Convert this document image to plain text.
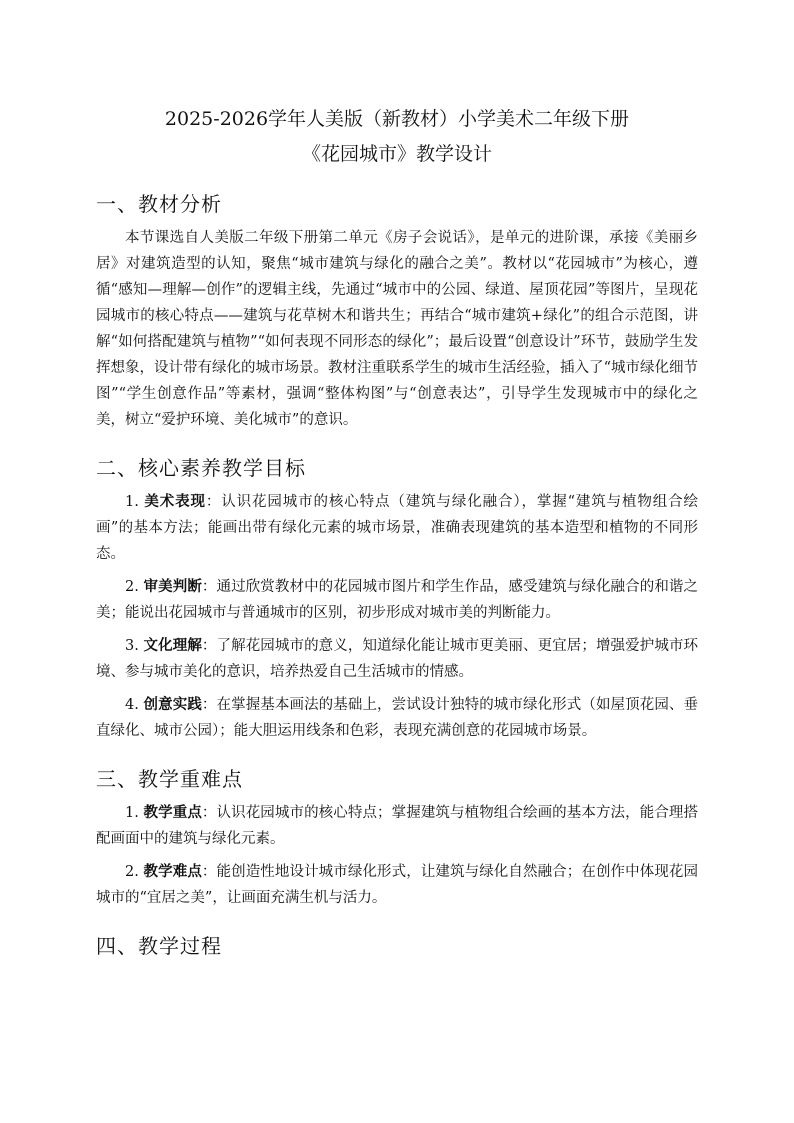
2025-2026学年人美版（新教材）小学美术二年级下册

《花园城市》教学设计

一、教材分析

本节课选自人美版二年级下册第二单元《房子会说话》，是单元的进阶课，承接《美丽乡居》对建筑造型的认知，聚焦“城市建筑与绿化的融合之美”。教材以“花园城市”为核心，遵循“感知—理解—创作”的逻辑主线，先通过“城市中的公园、绿道、屋顶花园”等图片，呈现花园城市的核心特点——建筑与花草树木和谐共生；再结合“城市建筑+绿化”的组合示范图，讲解“如何搭配建筑与植物”“如何表现不同形态的绿化”；最后设置“创意设计”环节，鼓励学生发挥想象，设计带有绿化的城市场景。教材注重联系学生的城市生活经验，插入了“城市绿化细节图”“学生创意作品”等素材，强调“整体构图”与“创意表达”，引导学生发现城市中的绿化之美，树立“爱护环境、美化城市”的意识。

二、核心素养教学目标

1. 美术表现：认识花园城市的核心特点（建筑与绿化融合），掌握“建筑与植物组合绘画”的基本方法；能画出带有绿化元素的城市场景，准确表现建筑的基本造型和植物的不同形态。

2. 审美判断：通过欣赏教材中的花园城市图片和学生作品，感受建筑与绿化融合的和谐之美；能说出花园城市与普通城市的区别，初步形成对城市美的判断能力。

3. 文化理解：了解花园城市的意义，知道绿化能让城市更美丽、更宜居；增强爱护城市环境、参与城市美化的意识，培养热爱自己生活城市的情感。

4. 创意实践：在掌握基本画法的基础上，尝试设计独特的城市绿化形式（如屋顶花园、垂直绿化、城市公园）；能大胆运用线条和色彩，表现充满创意的花园城市场景。

三、教学重难点

1. 教学重点：认识花园城市的核心特点；掌握建筑与植物组合绘画的基本方法，能合理搭配画面中的建筑与绿化元素。

2. 教学难点：能创造性地设计城市绿化形式，让建筑与绿化自然融合；在创作中体现花园城市的“宜居之美”，让画面充满生机与活力。

四、教学过程
